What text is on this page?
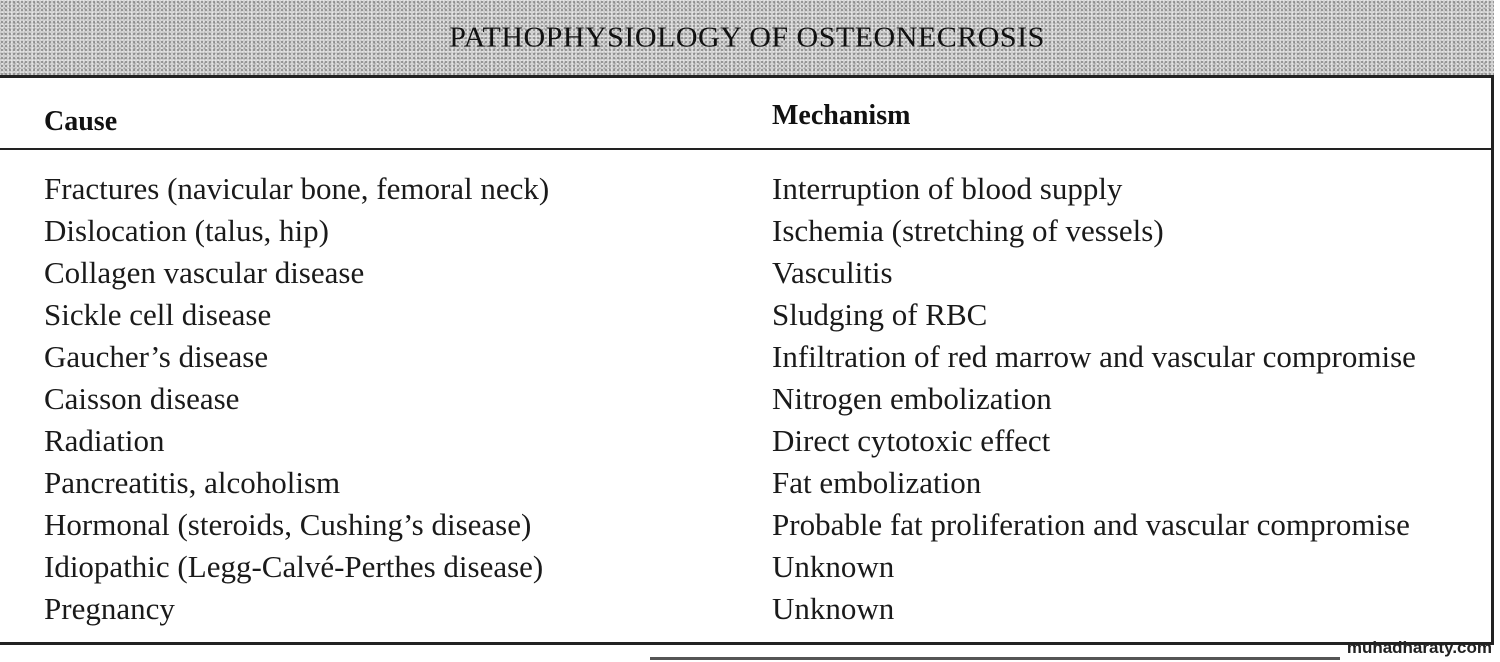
PATHOPHYSIOLOGY OF OSTEONECROSIS
Cause	Mechanism
Fractures (navicular bone, femoral neck)	Interruption of blood supply
Dislocation (talus, hip)	Ischemia (stretching of vessels)
Collagen vascular disease	Vasculitis
Sickle cell disease	Sludging of RBC
Gaucher’s disease	Infiltration of red marrow and vascular compromise
Caisson disease	Nitrogen embolization
Radiation	Direct cytotoxic effect
Pancreatitis, alcoholism	Fat embolization
Hormonal (steroids, Cushing’s disease)	Probable fat proliferation and vascular compromise
Idiopathic (Legg-Calvé-Perthes disease)	Unknown
Pregnancy	Unknown
muhadharaty.com
